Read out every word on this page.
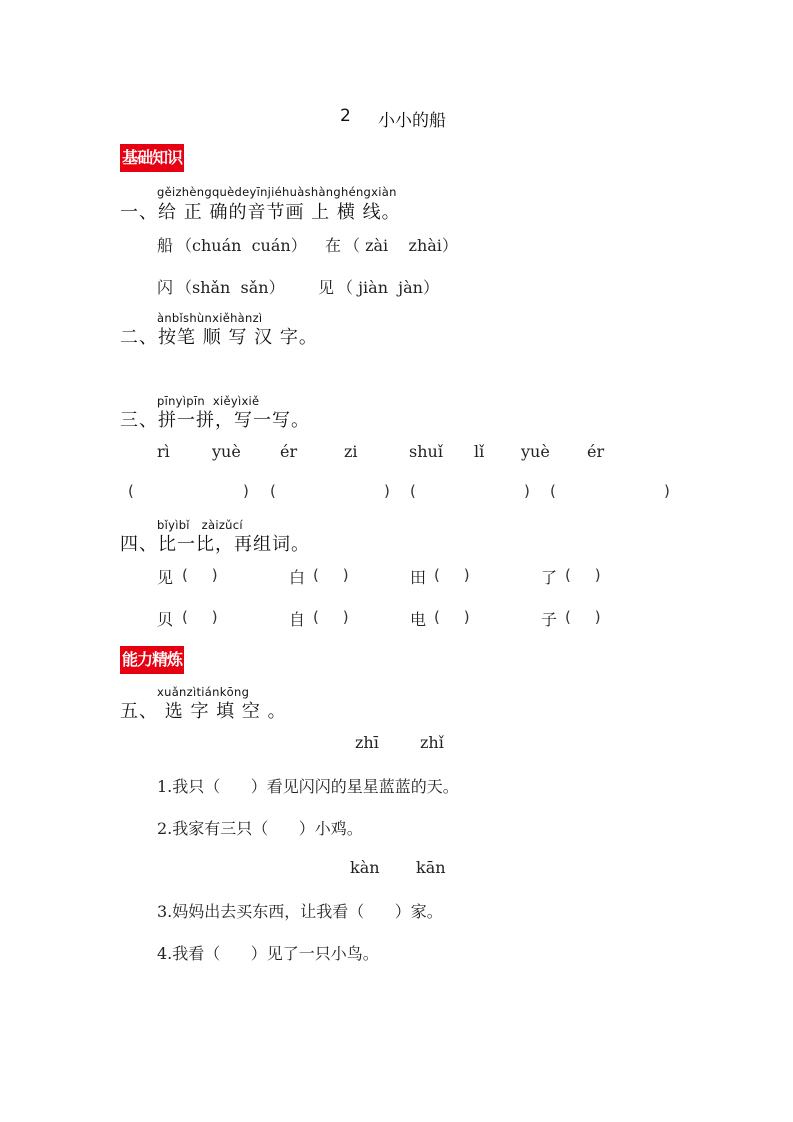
2 小小的船
基础知识
gěizhèngquèdeyīnjiéhuàshànghéngxiàn
一、给 正 确的音节画 上 横 线。
船 （chuán  cuán） 在 （ zài    zhài）
闪 （shǎn  sǎn） 见 （ jiàn  jàn）
ànbǐshùnxiěhànzì
二、按笔 顺 写 汉 字。
pīnyìpīn  xiěyìxiě
三、拼一拼，写一写。
rì	yuè ér	zi	shuǐ lǐ yuè ér
(	) (	) (	) (	)
bǐyìbǐ   zàizǔcí
四、比一比，再组词。
见 (     )	白 (     )	田 (     )	了 (     )
贝 (     )	自 (     )	电 (     )	子 (     )
能力精炼
xuǎnzìtiánkōng
五、 选 字 填 空 。
zhī	zhǐ
1.我只（      ）看见闪闪的星星蓝蓝的天。
2.我家有三只（      ）小鸡。
kàn kān
3.妈妈出去买东西，让我看（      ）家。
4.我看（      ）见了一只小鸟。
